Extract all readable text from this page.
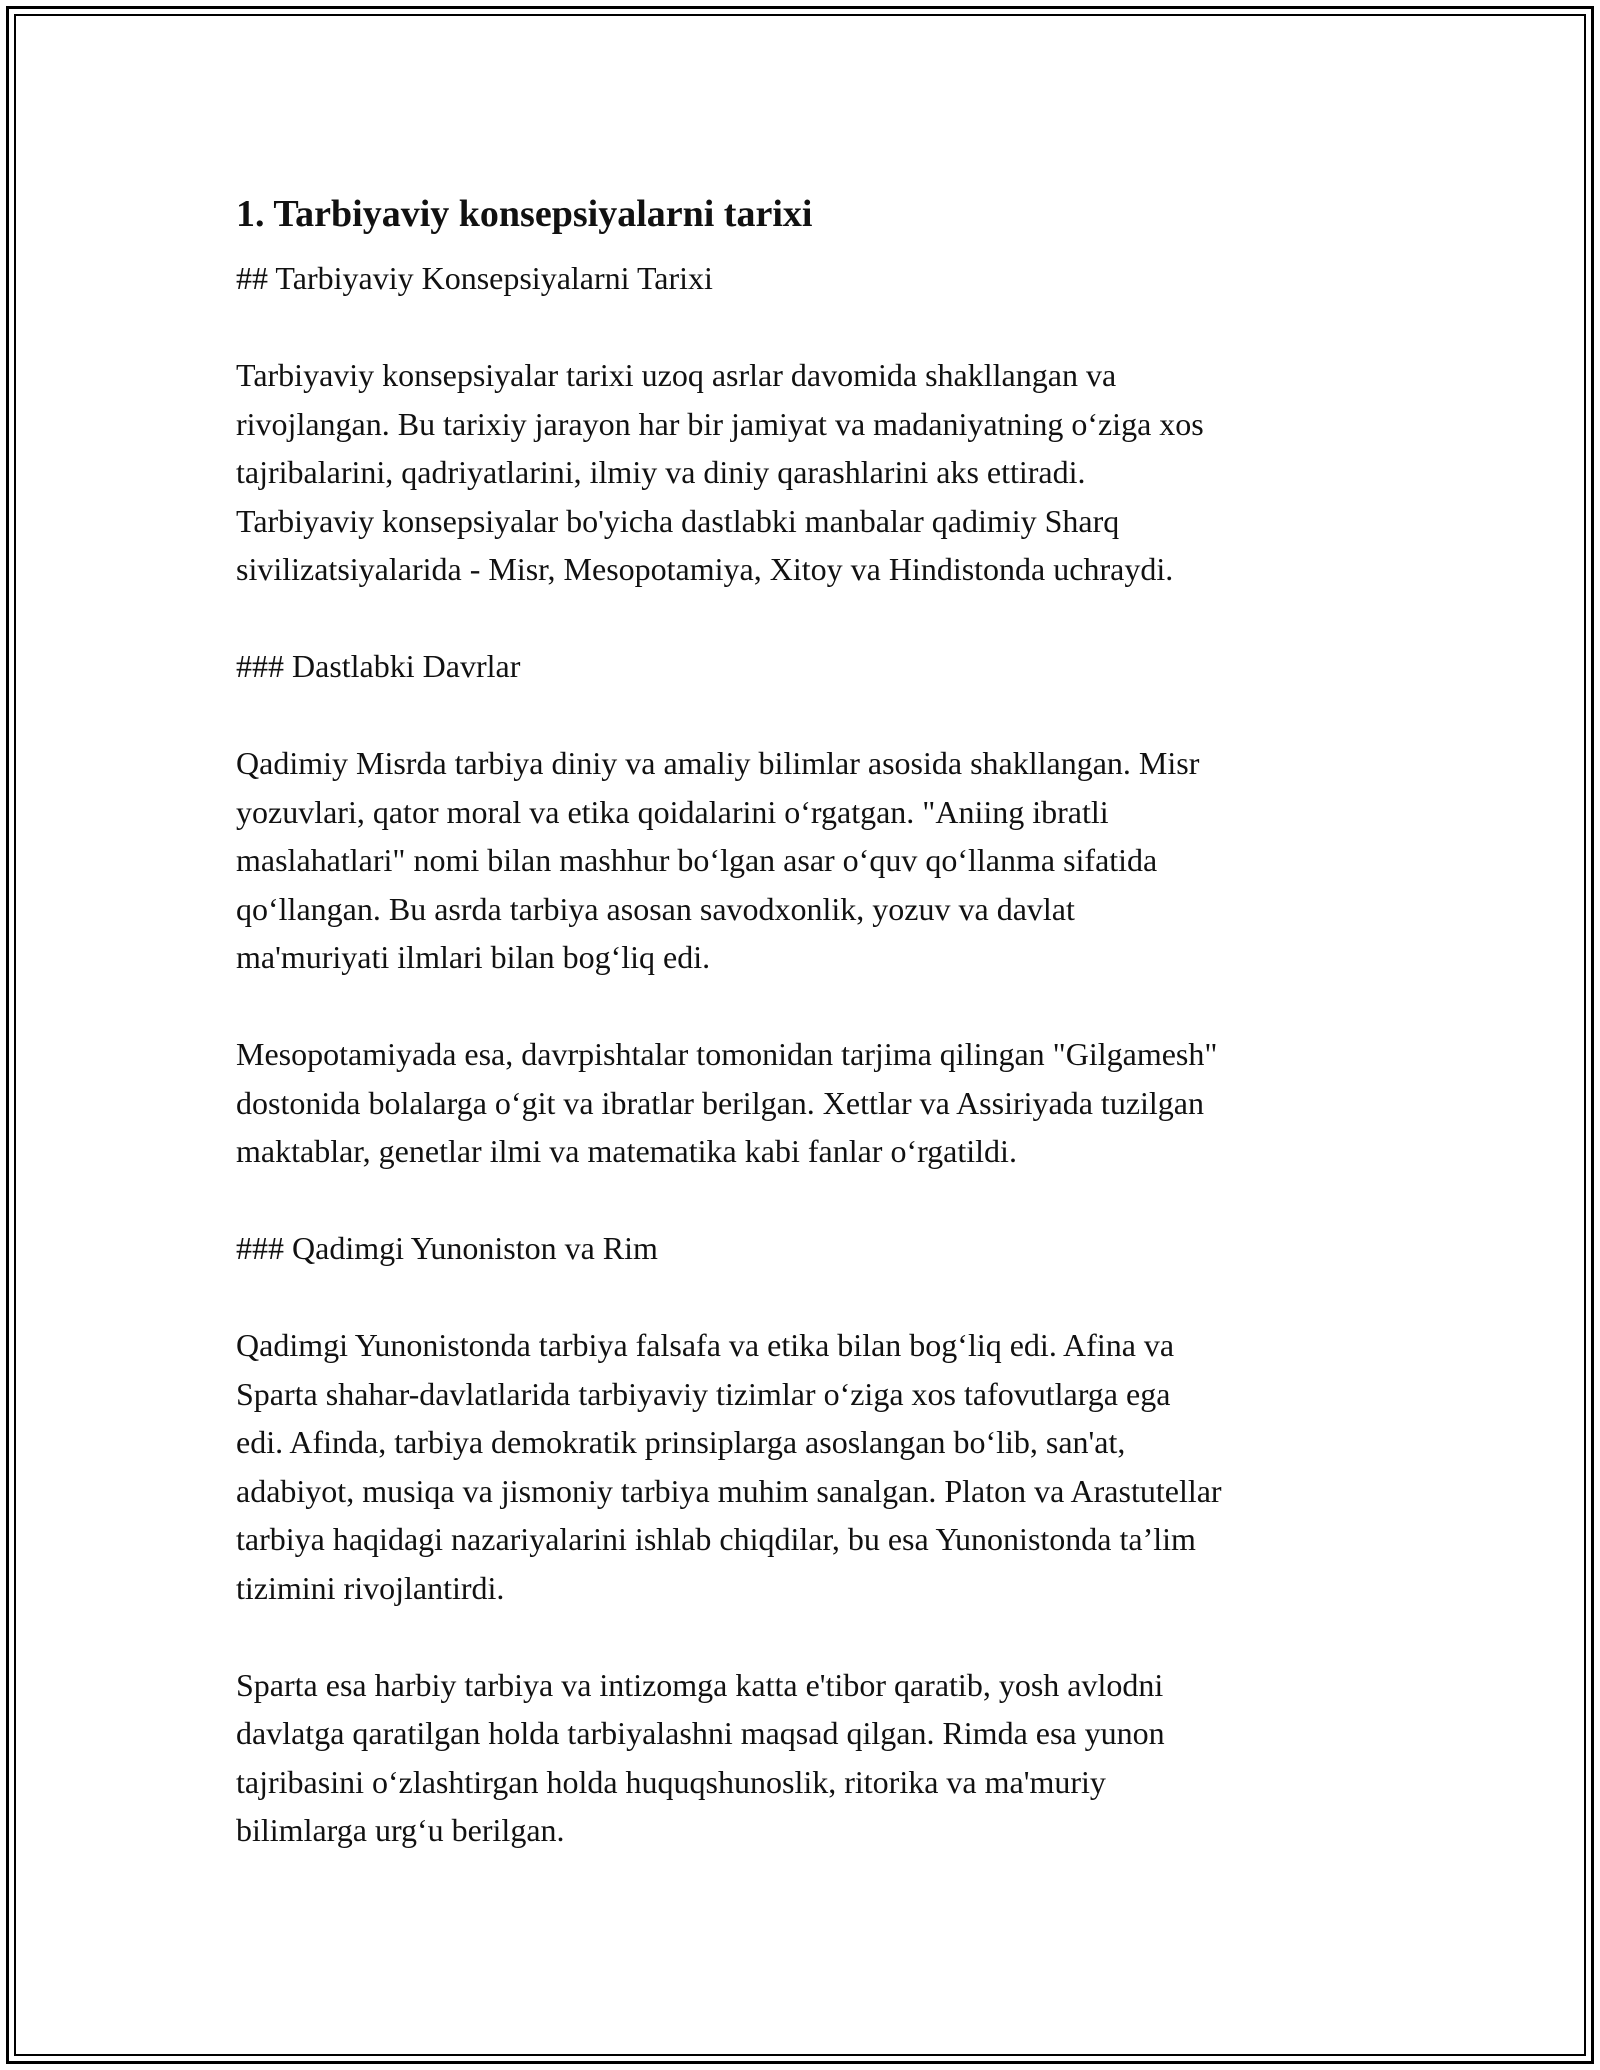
1. Tarbiyaviy konsepsiyalarni tarixi
## Tarbiyaviy Konsepsiyalarni Tarixi
Tarbiyaviy konsepsiyalar tarixi uzoq asrlar davomida shakllangan va
rivojlangan. Bu tarixiy jarayon har bir jamiyat va madaniyatning o‘ziga xos
tajribalarini, qadriyatlarini, ilmiy va diniy qarashlarini aks ettiradi.
Tarbiyaviy konsepsiyalar bo'yicha dastlabki manbalar qadimiy Sharq
sivilizatsiyalarida - Misr, Mesopotamiya, Xitoy va Hindistonda uchraydi.
### Dastlabki Davrlar
Qadimiy Misrda tarbiya diniy va amaliy bilimlar asosida shakllangan. Misr
yozuvlari, qator moral va etika qoidalarini o‘rgatgan. "Aniing ibratli
maslahatlari" nomi bilan mashhur bo‘lgan asar o‘quv qo‘llanma sifatida
qo‘llangan. Bu asrda tarbiya asosan savodxonlik, yozuv va davlat
ma'muriyati ilmlari bilan bog‘liq edi.
Mesopotamiyada esa, davrpishtalar tomonidan tarjima qilingan "Gilgamesh"
dostonida bolalarga o‘git va ibratlar berilgan. Xettlar va Assiriyada tuzilgan
maktablar, genetlar ilmi va matematika kabi fanlar o‘rgatildi.
### Qadimgi Yunoniston va Rim
Qadimgi Yunonistonda tarbiya falsafa va etika bilan bog‘liq edi. Afina va
Sparta shahar-davlatlarida tarbiyaviy tizimlar o‘ziga xos tafovutlarga ega
edi. Afinda, tarbiya demokratik prinsiplarga asoslangan bo‘lib, san'at,
adabiyot, musiqa va jismoniy tarbiya muhim sanalgan. Platon va Arastutellar
tarbiya haqidagi nazariyalarini ishlab chiqdilar, bu esa Yunonistonda ta’lim
tizimini rivojlantirdi.
Sparta esa harbiy tarbiya va intizomga katta e'tibor qaratib, yosh avlodni
davlatga qaratilgan holda tarbiyalashni maqsad qilgan. Rimda esa yunon
tajribasini o‘zlashtirgan holda huquqshunoslik, ritorika va ma'muriy
bilimlarga urg‘u berilgan.
